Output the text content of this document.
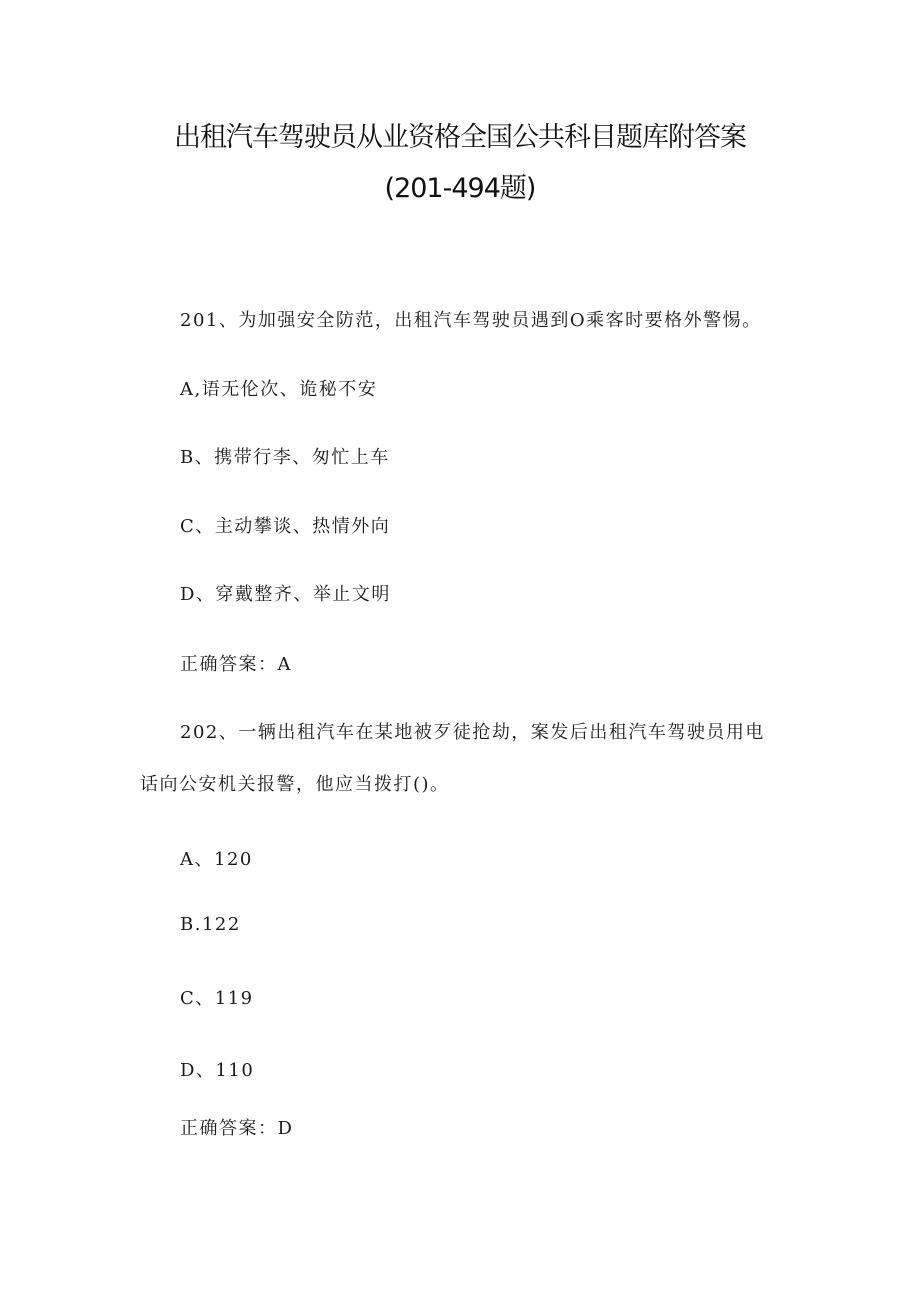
出租汽车驾驶员从业资格全国公共科目题库附答案
(201-494题)
201、为加强安全防范，出租汽车驾驶员遇到O乘客时要格外警惕。
A,语无伦次、诡秘不安
B、携带行李、匆忙上车
C、主动攀谈、热情外向
D、穿戴整齐、举止文明
正确答案：A
202、一辆出租汽车在某地被歹徒抢劫，案发后出租汽车驾驶员用电
话向公安机关报警，他应当拨打()。
A、120
B.122
C、119
D、110
正确答案：D
